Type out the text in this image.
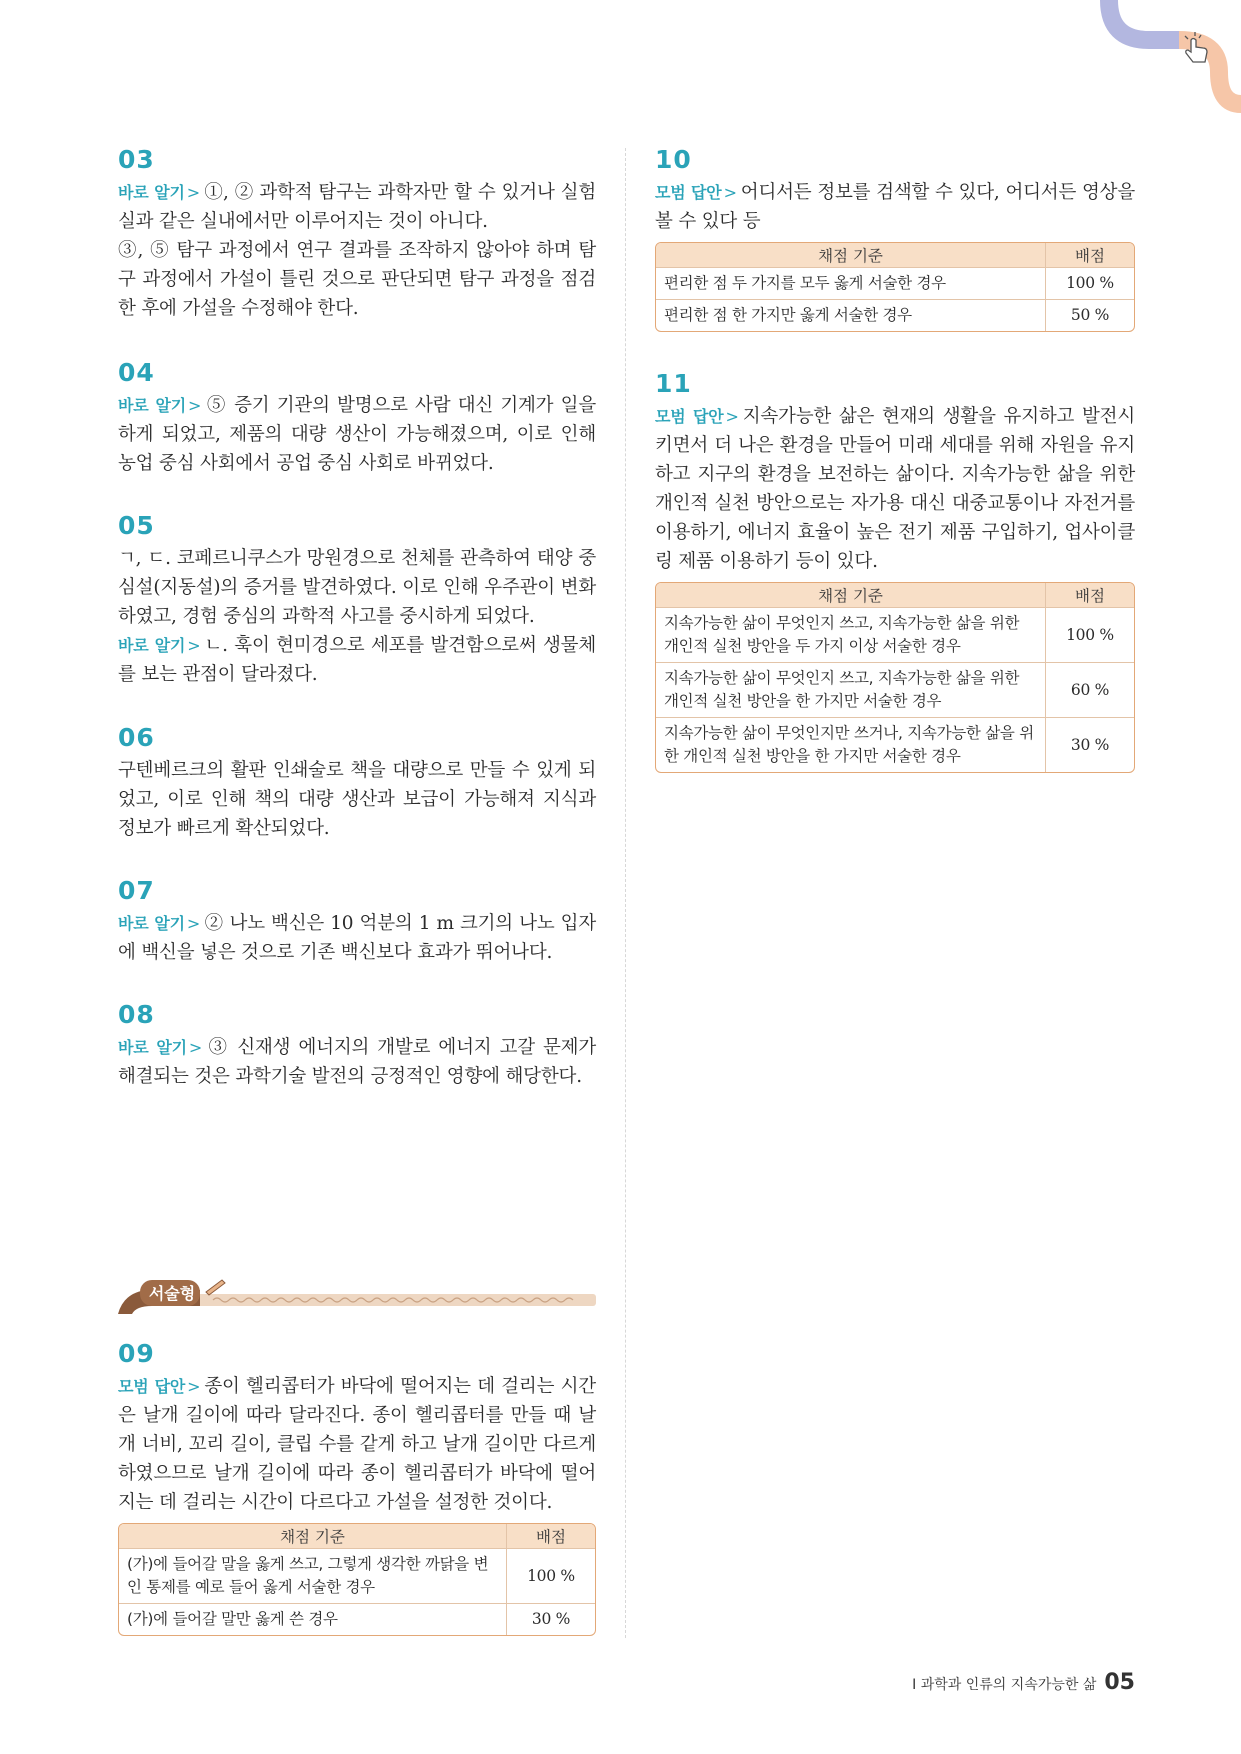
03

바로 알기 > ①, ② 과학적 탐구는 과학자만 할 수 있거나 실험실과 같은 실내에서만 이루어지는 것이 아니다.

③, ⑤ 탐구 과정에서 연구 결과를 조작하지 않아야 하며 탐구 과정에서 가설이 틀린 것으로 판단되면 탐구 과정을 점검한 후에 가설을 수정해야 한다.

04

바로 알기 > ⑤ 증기 기관의 발명으로 사람 대신 기계가 일을 하게 되었고, 제품의 대량 생산이 가능해졌으며, 이로 인해 농업 중심 사회에서 공업 중심 사회로 바뀌었다.

05

ㄱ, ㄷ. 코페르니쿠스가 망원경으로 천체를 관측하여 태양 중심설(지동설)의 증거를 발견하였다. 이로 인해 우주관이 변화하였고, 경험 중심의 과학적 사고를 중시하게 되었다.

바로 알기 > ㄴ. 훅이 현미경으로 세포를 발견함으로써 생물체를 보는 관점이 달라졌다.

06

구텐베르크의 활판 인쇄술로 책을 대량으로 만들 수 있게 되었고, 이로 인해 책의 대량 생산과 보급이 가능해져 지식과 정보가 빠르게 확산되었다.

07

바로 알기 > ② 나노 백신은 10 억분의 1 m 크기의 나노 입자에 백신을 넣은 것으로 기존 백신보다 효과가 뛰어나다.

08

바로 알기 > ③ 신재생 에너지의 개발로 에너지 고갈 문제가 해결되는 것은 과학기술 발전의 긍정적인 영향에 해당한다.

서술형
09

모범 답안 > 종이 헬리콥터가 바닥에 떨어지는 데 걸리는 시간은 날개 길이에 따라 달라진다. 종이 헬리콥터를 만들 때 날개 너비, 꼬리 길이, 클립 수를 같게 하고 날개 길이만 다르게 하였으므로 날개 길이에 따라 종이 헬리콥터가 바닥에 떨어지는 데 걸리는 시간이 다르다고 가설을 설정한 것이다.

채점 기준	배점
(가)에 들어갈 말을 옳게 쓰고, 그렇게 생각한 까닭을 변인 통제를 예로 들어 옳게 서술한 경우	100 %
(가)에 들어갈 말만 옳게 쓴 경우	30 %
10

모범 답안 > 어디서든 정보를 검색할 수 있다, 어디서든 영상을 볼 수 있다 등

채점 기준	배점
편리한 점 두 가지를 모두 옳게 서술한 경우	100 %
편리한 점 한 가지만 옳게 서술한 경우	50 %
11

모범 답안 > 지속가능한 삶은 현재의 생활을 유지하고 발전시키면서 더 나은 환경을 만들어 미래 세대를 위해 자원을 유지하고 지구의 환경을 보전하는 삶이다. 지속가능한 삶을 위한 개인적 실천 방안으로는 자가용 대신 대중교통이나 자전거를 이용하기, 에너지 효율이 높은 전기 제품 구입하기, 업사이클링 제품 이용하기 등이 있다.

채점 기준	배점
지속가능한 삶이 무엇인지 쓰고, 지속가능한 삶을 위한 개인적 실천 방안을 두 가지 이상 서술한 경우	100 %
지속가능한 삶이 무엇인지 쓰고, 지속가능한 삶을 위한 개인적 실천 방안을 한 가지만 서술한 경우	60 %
지속가능한 삶이 무엇인지만 쓰거나, 지속가능한 삶을 위한 개인적 실천 방안을 한 가지만 서술한 경우	30 %
Ⅰ 과학과 인류의 지속가능한 삶 05
